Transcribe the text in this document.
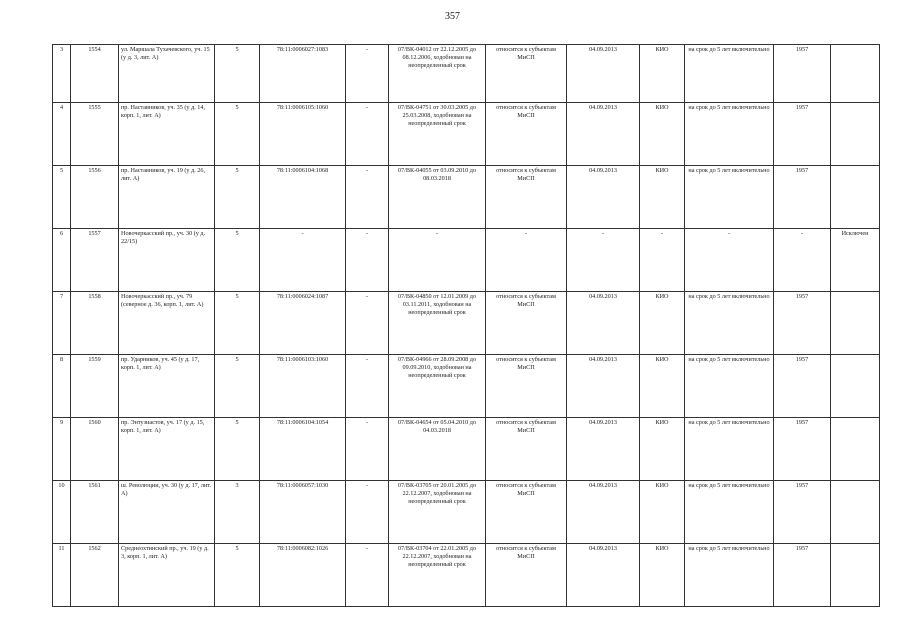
357
3	1554	ул. Маршала Тухачевского, уч. 15 (у д. 3, лит. А)	5	78:11:0006027:1083	-	07/ВК-04012 от 22.12.2005 до 08.12.2006, ходобнован на неопределенный срок	относится к субъектам МиСП	04.09.2013	КИО	на срок до 5 лет включительно	1957	
4	1555	пр. Наставников, уч. 35 (у д. 14, корп. 1, лит. А)	5	78:11:0006105:1060	-	07/ВК-04751 от 30.03.2005 до 25.03.2008, ходобнован на неопределенный срок	относится к субъектам МиСП	04.09.2013	КИО	на срок до 5 лет включительно	1957	
5	1556	пр. Наставников, уч. 19 (у д. 26, лит. А)	5	78:11:0006104:1068	-	07/ВК-04055 от 03.09.2010 до 08.03.2018	относится к субъектам МиСП	04.09.2013	КИО	на срок до 5 лет включительно	1957	
6	1557	Новочеркасский пр., уч. 30 (у д. 22/15)	5	-	-	-	-	-	-	-	-	Исключен
7	1558	Новочеркасский пр., уч. 79 (северное д. 36, корп. 1, лит. А)	5	78:11:0006024:1087	-	07/ВК-04850 от 12.01.2009 до 03.11.2011, ходобнован на неопределенный срок	относится к субъектам МиСП	04.09.2013	КИО	на срок до 5 лет включительно	1957	
8	1559	пр. Ударников, уч. 45 (у д. 17, корп. 1, лит. А)	5	78:11:0006103:1060	-	07/ВК-04966 от 28.09.2008 до 09.09.2010, ходобнован на неопределенный срок	относится к субъектам МиСП	04.09.2013	КИО	на срок до 5 лет включительно	1957	
9	1560	пр. Энтузиастов, уч. 17 (у д. 15, корп. 1, лит. А)	5	78:11:0006104:1054	-	07/ВК-04654 от 05.04.2010 до 04.03.2018	относится к субъектам МиСП	04.09.2013	КИО	на срок до 5 лет включительно	1957	
10	1561	ш. Революции, уч. 30 (у д. 17, лит. А)	3	78:11:0006057:1030	-	07/ВК-03705 от 20.01.2005 до 22.12.2007, ходобнован на неопределенный срок	относится к субъектам МиСП	04.09.2013	КИО	на срок до 5 лет включительно	1957	
11	1562	Среднеохтинский пр., уч. 19 (у д. 3, корп. 1, лит. А)	5	78:11:0006082:1026	-	07/ВК-03704 от 22.01.2005 до 22.12.2007, ходобнован на неопределенный срок	относится к субъектам МиСП	04.09.2013	КИО	на срок до 5 лет включительно	1957	
